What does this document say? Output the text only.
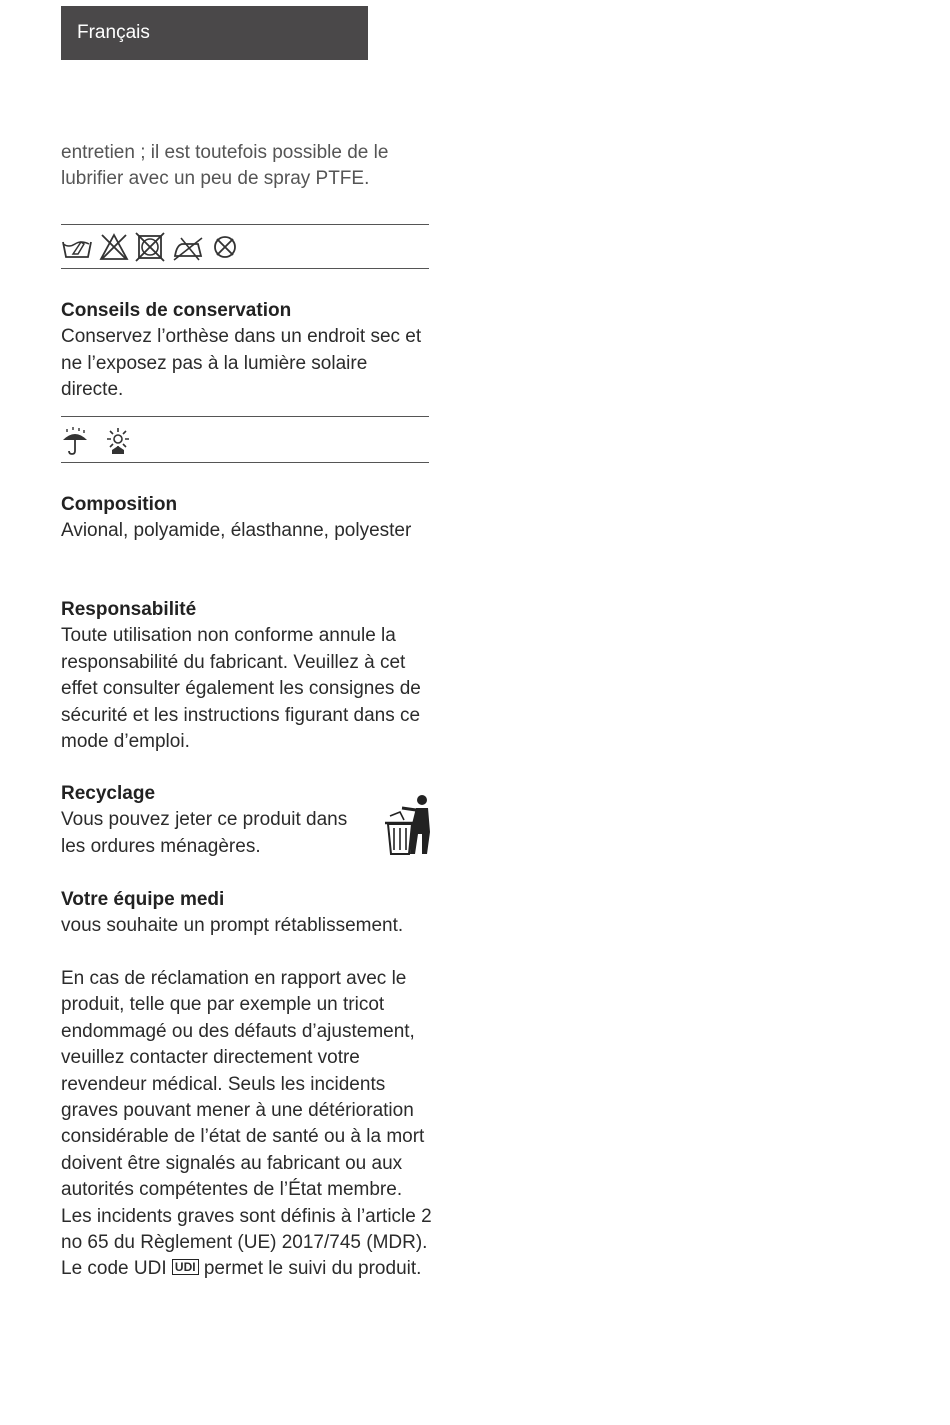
Français

entretien ; il est toutefois possible de le lubrifier avec un peu de spray PTFE.

Conseils de conservation

Conservez l’orthèse dans un endroit sec et ne l’exposez pas à la lumière solaire directe.

Composition

Avional, polyamide, élasthanne, polyester

Responsabilité

Toute utilisation non conforme annule la responsabilité du fabricant. Veuillez à cet effet consulter également les consignes de sécurité et les instructions figurant dans ce mode d’emploi.

Recyclage

Vous pouvez jeter ce produit dans les ordures ménagères.

Votre équipe medi

vous souhaite un prompt rétablissement.

En cas de réclamation en rapport avec le produit, telle que par exemple un tricot endommagé ou des défauts d’ajustement, veuillez contacter directement votre revendeur médical. Seuls les incidents graves pouvant mener à une détérioration considérable de l’état de santé ou à la mort doivent être signalés au fabricant ou aux autorités compétentes de l’État membre. Les incidents graves sont définis à l’article 2 no 65 du Règlement (UE) 2017/745 (MDR). Le code UDI UDI permet le suivi du produit.
